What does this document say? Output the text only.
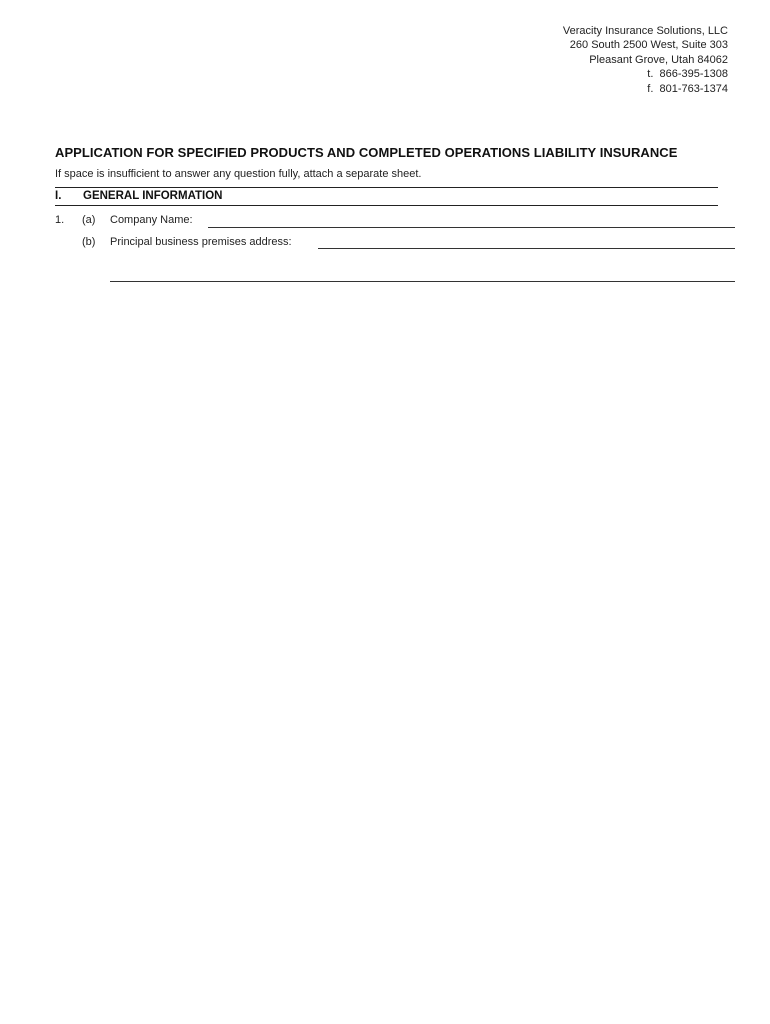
Veracity Insurance Solutions, LLC
260 South 2500 West, Suite 303
Pleasant Grove, Utah 84062
t.  866-395-1308
f.  801-763-1374
APPLICATION FOR SPECIFIED PRODUCTS AND COMPLETED OPERATIONS LIABILITY INSURANCE
If space is insufficient to answer any question fully, attach a separate sheet.
I. GENERAL INFORMATION
1. (a) Company Name:
(b) Principal business premises address:
